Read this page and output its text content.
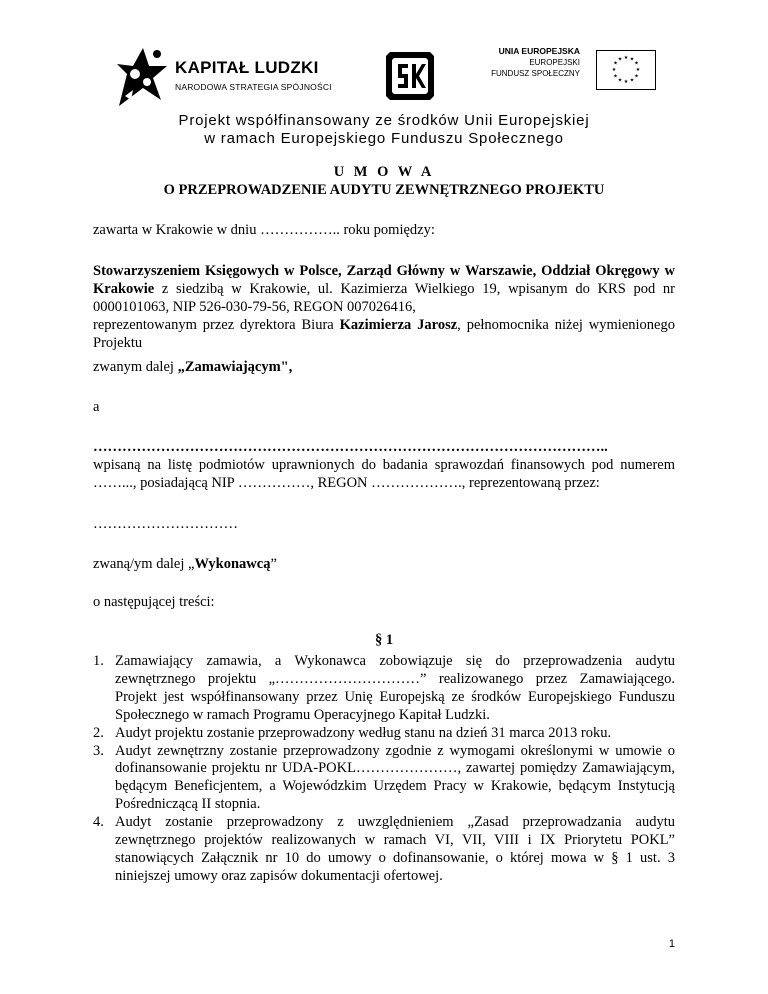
KAPITAŁ LUDZKI
NARODOWA STRATEGIA SPÓJNOŚCI
UNIA EUROPEJSKA
EUROPEJSKI
FUNDUSZ SPOŁECZNY
★ ★
★
★
★
★
★
★
★
★
★
★
Projekt współfinansowany ze środków Unii Europejskiej
w ramach Europejskiego Funduszu Społecznego
U M O W A
O PRZEPROWADZENIE AUDYTU ZEWNĘTRZNEGO PROJEKTU
zawarta w Krakowie w dniu …………….. roku pomiędzy:
Stowarzyszeniem Księgowych w Polsce, Zarząd Główny w Warszawie, Oddział Okręgowy w Krakowie z siedzibą w Krakowie, ul. Kazimierza Wielkiego 19, wpisanym do KRS pod nr 0000101063, NIP 526-030-79-56, REGON 007026416,
reprezentowanym przez dyrektora Biura Kazimierza Jarosz, pełnomocnika niżej wymienionego Projektu
zwanym dalej „Zamawiającym",
a
……………………………………………………………………………………………..
wpisaną na listę podmiotów uprawnionych do badania sprawozdań finansowych pod numerem ……..., posiadającą NIP ……………, REGON ………………., reprezentowaną przez:
…………………………
zwaną/ym dalej „Wykonawcą”
o następującej treści:
§ 1
1. Zamawiający zamawia, a Wykonawca zobowiązuje się do przeprowadzenia audytu zewnętrznego projektu „…………………………” realizowanego przez Zamawiającego. Projekt jest współfinansowany przez Unię Europejską ze środków Europejskiego Funduszu Społecznego w ramach Programu Operacyjnego Kapitał Ludzki.
2. Audyt projektu zostanie przeprowadzony według stanu na dzień 31 marca 2013 roku.
3. Audyt zewnętrzny zostanie przeprowadzony zgodnie z wymogami określonymi w umowie o dofinansowanie projektu nr UDA-POKL…………………, zawartej pomiędzy Zamawiającym, będącym Beneficjentem, a Wojewódzkim Urzędem Pracy w Krakowie, będącym Instytucją Pośredniczącą II stopnia.
4. Audyt zostanie przeprowadzony z uwzględnieniem „Zasad przeprowadzania audytu zewnętrznego projektów realizowanych w ramach VI, VII, VIII i IX Priorytetu POKL” stanowiących Załącznik nr 10 do umowy o dofinansowanie, o której mowa w § 1 ust. 3 niniejszej umowy oraz zapisów dokumentacji ofertowej.
1
